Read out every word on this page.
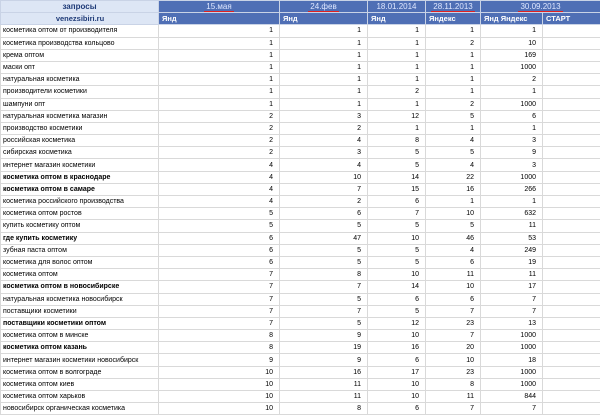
запросы	15.мая	24.фев	18.01.2014	28.11.2013	30.09.2013	
venezsibiri.ru	Янд	Янд	Янд	Яндекс	Янд Яндекс	СТАРТ
косметика оптом от производителя	1	1	1	1	1	
косметика производства кольцово	1	1	1	2	10	
крема оптом	1	1	1	1	169	
маски опт	1	1	1	1	1000	
натуральная косметика	1	1	1	1	2	
производители косметики	1	1	2	1	1	
шампуни опт	1	1	1	2	1000	
натуральная косметика магазин	2	3	12	5	6	
производство косметики	2	2	1	1	1	
российская косметика	2	4	8	4	3	
сибирская косметика	2	3	5	5	9	
интернет магазин косметики	4	4	5	4	3	
косметика оптом в краснодаре	4	10	14	22	1000	
косметика оптом в самаре	4	7	15	16	266	
косметика российского производства	4	2	6	1	1	
косметика оптом ростов	5	6	7	10	632	
купить косметику оптом	5	5	5	5	11	
где купить косметику	6	47	10	46	53	
зубная паста оптом	6	5	5	4	249	
косметика для волос оптом	6	5	5	6	19	
косметика оптом	7	8	10	11	11	
косметика оптом в новосибирске	7	7	14	10	17	
натуральная косметика новосибирск	7	5	6	6	7	
поставщики косметики	7	7	5	7	7	
поставщики косметики оптом	7	5	12	23	13	
косметика оптом в минске	8	9	10	7	1000	
косметика оптом казань	8	19	16	20	1000	
интернет магазин косметики новосибирск	9	9	6	10	18	
косметика оптом в волгограде	10	16	17	23	1000	
косметика оптом киев	10	11	10	8	1000	
косметика оптом харьков	10	11	10	11	844	
новосибирск органическая косметика	10	8	6	7	7	
